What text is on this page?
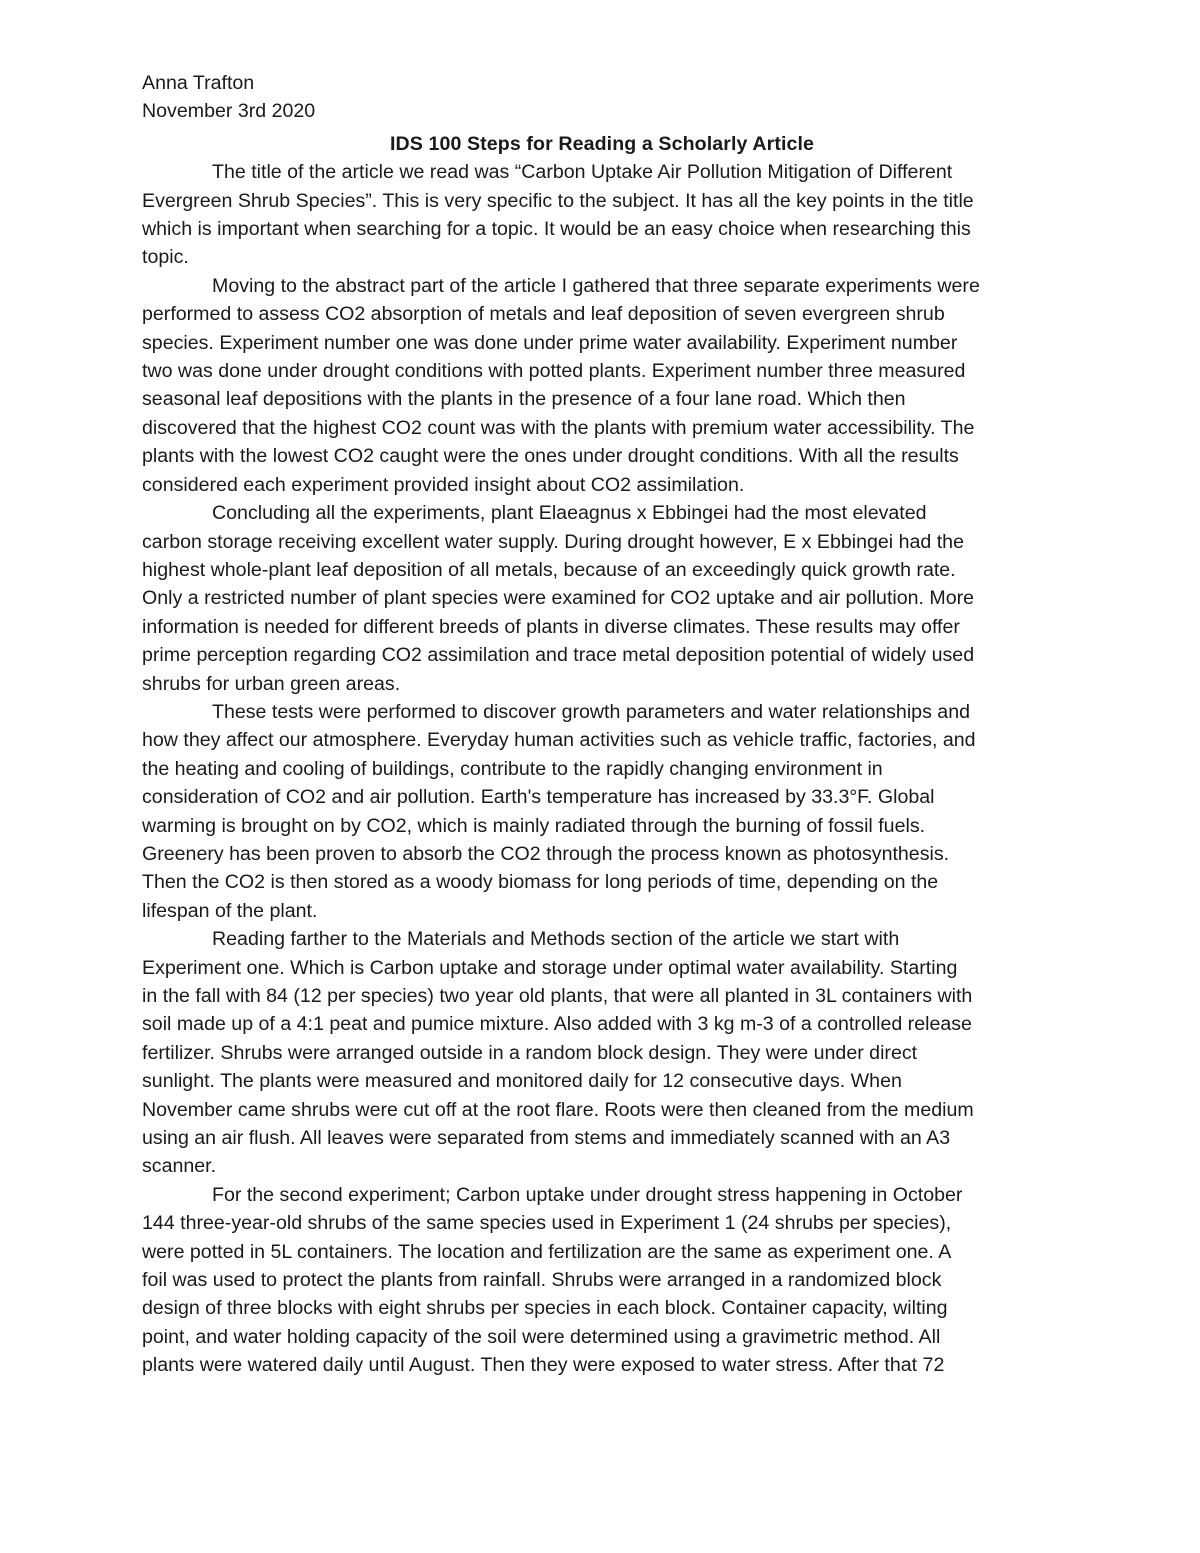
Anna Trafton

November 3rd 2020

IDS 100 Steps for Reading a Scholarly Article

The title of the article we read was “Carbon Uptake Air Pollution Mitigation of Different

Evergreen Shrub Species”. This is very specific to the subject. It has all the key points in the title

which is important when searching for a topic. It would be an easy choice when researching this

topic.

Moving to the abstract part of the article I gathered that three separate experiments were

performed to assess CO2 absorption of metals and leaf deposition of seven evergreen shrub

species. Experiment number one was done under prime water availability. Experiment number

two was done under drought conditions with potted plants. Experiment number three measured

seasonal leaf depositions with the plants in the presence of a four lane road. Which then

discovered that the highest CO2 count was with the plants with premium water accessibility. The

plants with the lowest CO2 caught were the ones under drought conditions. With all the results

considered each experiment provided insight about CO2 assimilation.

Concluding all the experiments, plant Elaeagnus x Ebbingei had the most elevated

carbon storage receiving excellent water supply. During drought however, E x Ebbingei had the

highest whole-plant leaf deposition of all metals, because of an exceedingly quick growth rate.

Only a restricted number of plant species were examined for CO2 uptake and air pollution. More

information is needed for different breeds of plants in diverse climates. These results may offer

prime perception regarding CO2 assimilation and trace metal deposition potential of widely used

shrubs for urban green areas.

These tests were performed to discover growth parameters and water relationships and

how they affect our atmosphere. Everyday human activities such as vehicle traffic, factories, and

the heating and cooling of buildings, contribute to the rapidly changing environment in

consideration of CO2 and air pollution. Earth's temperature has increased by 33.3°F. Global

warming is brought on by CO2, which is mainly radiated through the burning of fossil fuels.

Greenery has been proven to absorb the CO2 through the process known as photosynthesis.

Then the CO2 is then stored as a woody biomass for long periods of time, depending on the

lifespan of the plant.

Reading farther to the Materials and Methods section of the article we start with

Experiment one. Which is Carbon uptake and storage under optimal water availability. Starting

in the fall with 84 (12 per species) two year old plants, that were all planted in 3L containers with

soil made up of a 4:1 peat and pumice mixture. Also added with 3 kg m-3 of a controlled release

fertilizer. Shrubs were arranged outside in a random block design. They were under direct

sunlight. The plants were measured and monitored daily for 12 consecutive days. When

November came shrubs were cut off at the root flare. Roots were then cleaned from the medium

using an air flush. All leaves were separated from stems and immediately scanned with an A3

scanner.

For the second experiment; Carbon uptake under drought stress happening in October

144 three-year-old shrubs of the same species used in Experiment 1 (24 shrubs per species),

were potted in 5L containers. The location and fertilization are the same as experiment one. A

foil was used to protect the plants from rainfall. Shrubs were arranged in a randomized block

design of three blocks with eight shrubs per species in each block. Container capacity, wilting

point, and water holding capacity of the soil were determined using a gravimetric method. All

plants were watered daily until August. Then they were exposed to water stress. After that 72
